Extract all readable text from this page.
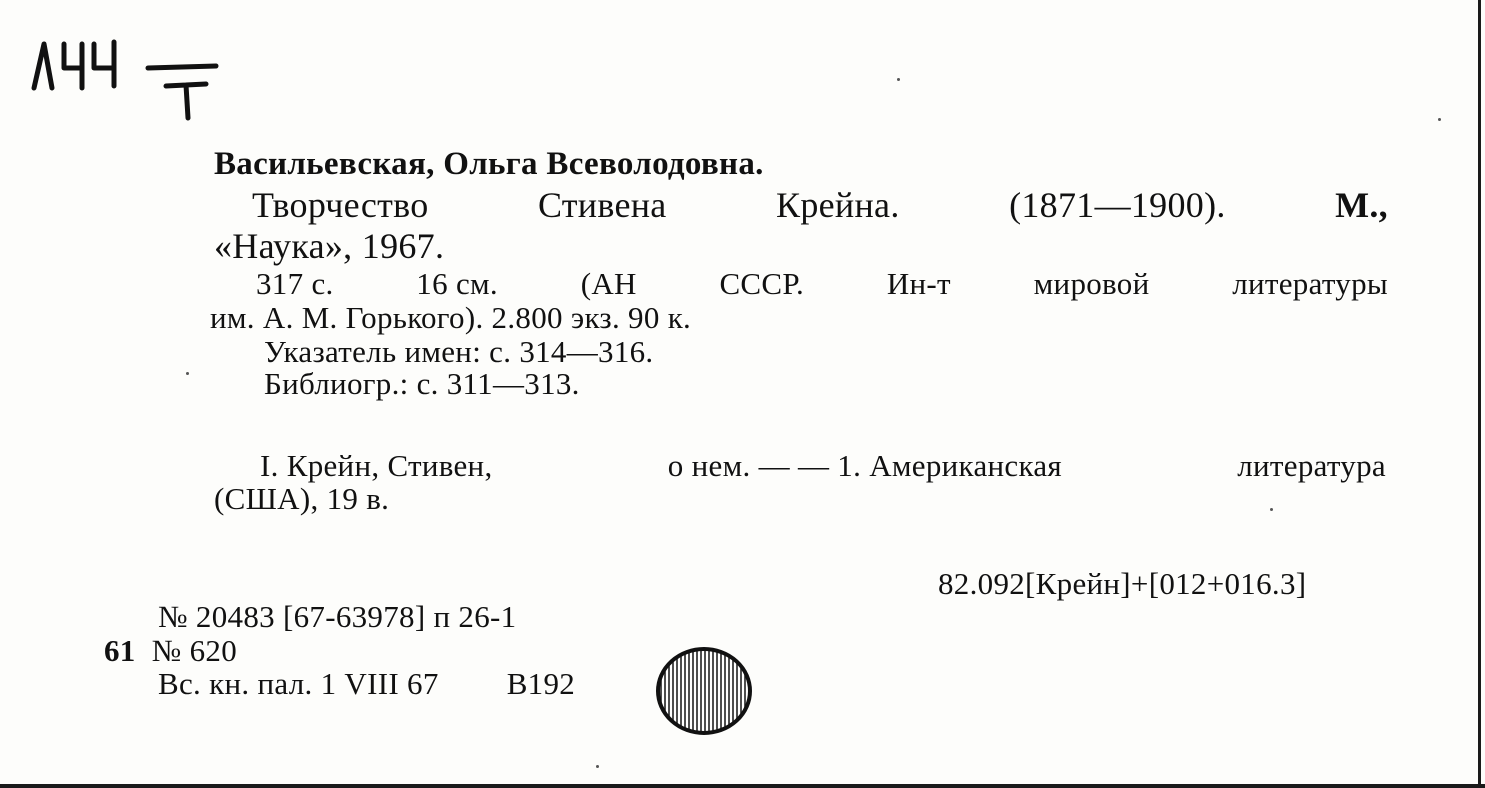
Васильевская, Ольга Всеволодовна.
Творчество	Стивена	Крейна.	(1871—1900).	М.,
«Наука», 1967.
317 с.	16 см.	(АН	СССР.	Ин-т	мировой	литературы
им. А. М. Горького). 2.800 экз. 90 к.
Указатель имен: с. 314—316.
Библиогр.: с. 311—313.
I. Крейн, Стивен,	о нем. — — 1. Американская	литература
(США), 19 в.
82.092[Крейн]+[012+016.3]
№ 20483 [67-63978] п 26-1
61 № 620
Вс. кн. пал. 1 VIII 67 В192
